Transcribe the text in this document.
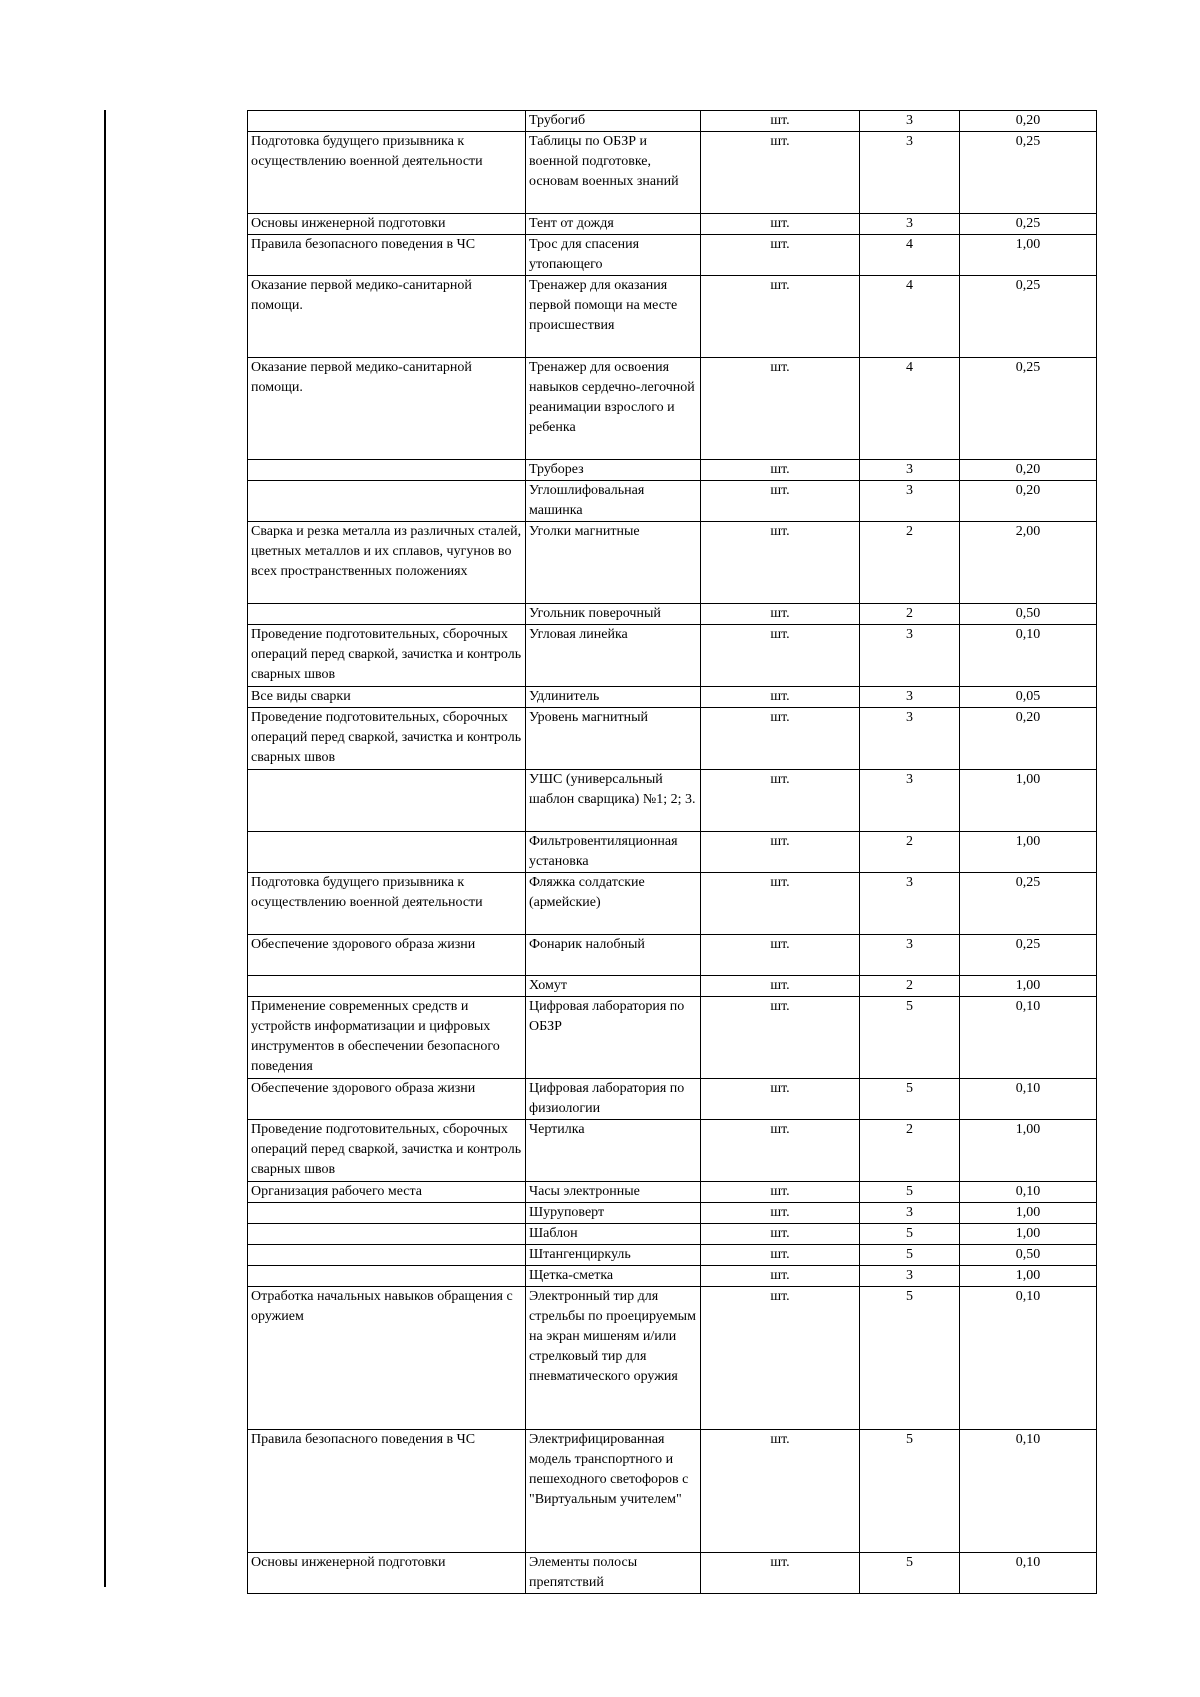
	Трубогиб	шт.	3	0,20
Подготовка будущего призывника к осуществлению военной деятельности	Таблицы по ОБЗР и военной подготовке, основам военных знаний	шт.	3	0,25
Основы инженерной подготовки	Тент от дождя	шт.	3	0,25
Правила безопасного поведения в ЧС	Трос для спасения утопающего	шт.	4	1,00
Оказание первой медико-санитарной помощи.	Тренажер для оказания первой помощи на месте происшествия	шт.	4	0,25
Оказание первой медико-санитарной помощи.	Тренажер для освоения навыков сердечно-легочной реанимации взрослого и ребенка	шт.	4	0,25
	Труборез	шт.	3	0,20
	Углошлифовальная машинка	шт.	3	0,20
Сварка и резка металла из различных сталей, цветных металлов и их сплавов, чугунов во всех пространственных положениях	Уголки магнитные	шт.	2	2,00
	Угольник поверочный	шт.	2	0,50
Проведение подготовительных, сборочных операций перед сваркой, зачистка и контроль сварных швов	Угловая линейка	шт.	3	0,10
Все виды сварки	Удлинитель	шт.	3	0,05
Проведение подготовительных, сборочных операций перед сваркой, зачистка и контроль сварных швов	Уровень магнитный	шт.	3	0,20
	УШС (универсальный шаблон сварщика) №1; 2; 3.	шт.	3	1,00
	Фильтровентиляционная установка	шт.	2	1,00
Подготовка будущего призывника к осуществлению военной деятельности	Фляжка солдатские (армейские)	шт.	3	0,25
Обеспечение здорового образа жизни	Фонарик налобный	шт.	3	0,25
	Хомут	шт.	2	1,00
Применение современных средств и устройств информатизации и цифровых инструментов в обеспечении безопасного поведения	Цифровая лаборатория по ОБЗР	шт.	5	0,10
Обеспечение здорового образа жизни	Цифровая лаборатория по физиологии	шт.	5	0,10
Проведение подготовительных, сборочных операций перед сваркой, зачистка и контроль сварных швов	Чертилка	шт.	2	1,00
Организация рабочего места	Часы электронные	шт.	5	0,10
	Шуруповерт	шт.	3	1,00
	Шаблон	шт.	5	1,00
	Штангенциркуль	шт.	5	0,50
	Щетка-сметка	шт.	3	1,00
Отработка начальных навыков обращения с оружием	Электронный тир для стрельбы по проецируемым на экран мишеням и/или стрелковый тир для пневматического оружия	шт.	5	0,10
Правила безопасного поведения в ЧС	Электрифицированная модель транспортного и пешеходного светофоров с "Виртуальным учителем"	шт.	5	0,10
Основы инженерной подготовки	Элементы полосы препятствий	шт.	5	0,10
